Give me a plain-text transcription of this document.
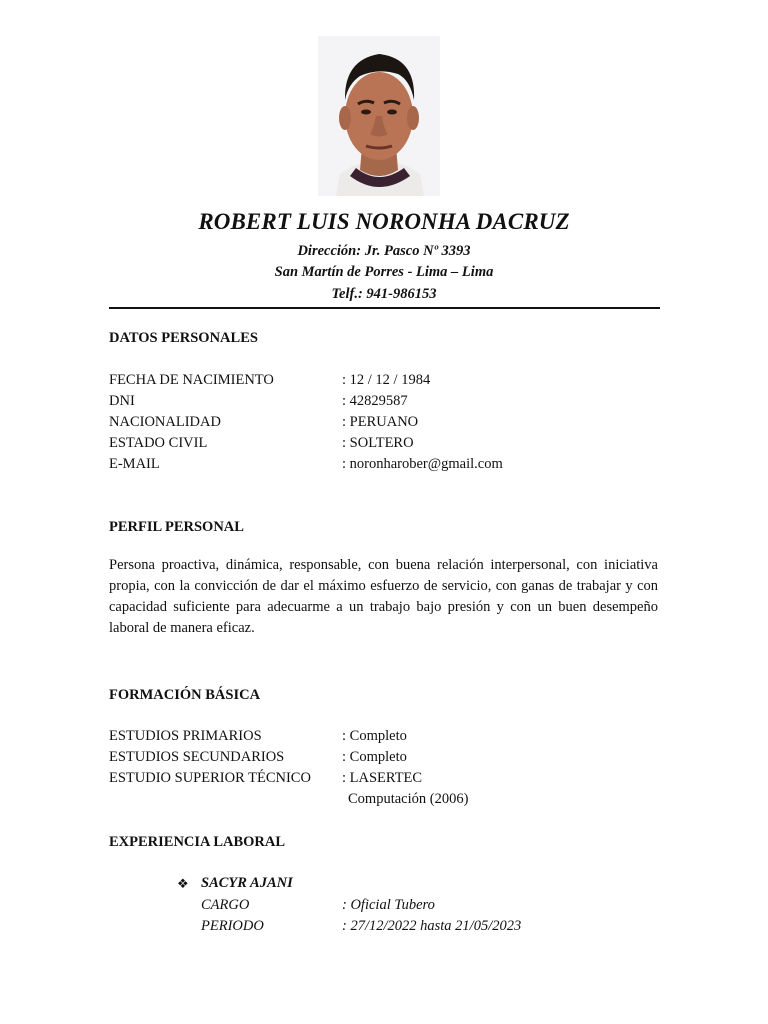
ROBERT LUIS NORONHA DACRUZ
Dirección: Jr. Pasco Nº 3393
San Martín de Porres - Lima – Lima
Telf.: 941-986153
DATOS PERSONALES
FECHA DE NACIMIENTO	: 12 / 12 / 1984
DNI	: 42829587
NACIONALIDAD	: PERUANO
ESTADO CIVIL	: SOLTERO
E-MAIL	: noronharober@gmail.com
PERFIL PERSONAL
Persona proactiva, dinámica, responsable, con buena relación interpersonal, con iniciativa propia, con la convicción de dar el máximo esfuerzo de servicio, con ganas de trabajar y con capacidad suficiente para adecuarme a un trabajo bajo presión y con un buen desempeño laboral de manera eficaz.
FORMACIÓN BÁSICA
ESTUDIOS PRIMARIOS	: Completo
ESTUDIOS SECUNDARIOS	: Completo
ESTUDIO SUPERIOR TÉCNICO : LASERTEC
Computación (2006)
EXPERIENCIA LABORAL
❖ SACYR AJANI
CARGO	: Oficial Tubero
PERIODO	: 27/12/2022 hasta 21/05/2023
